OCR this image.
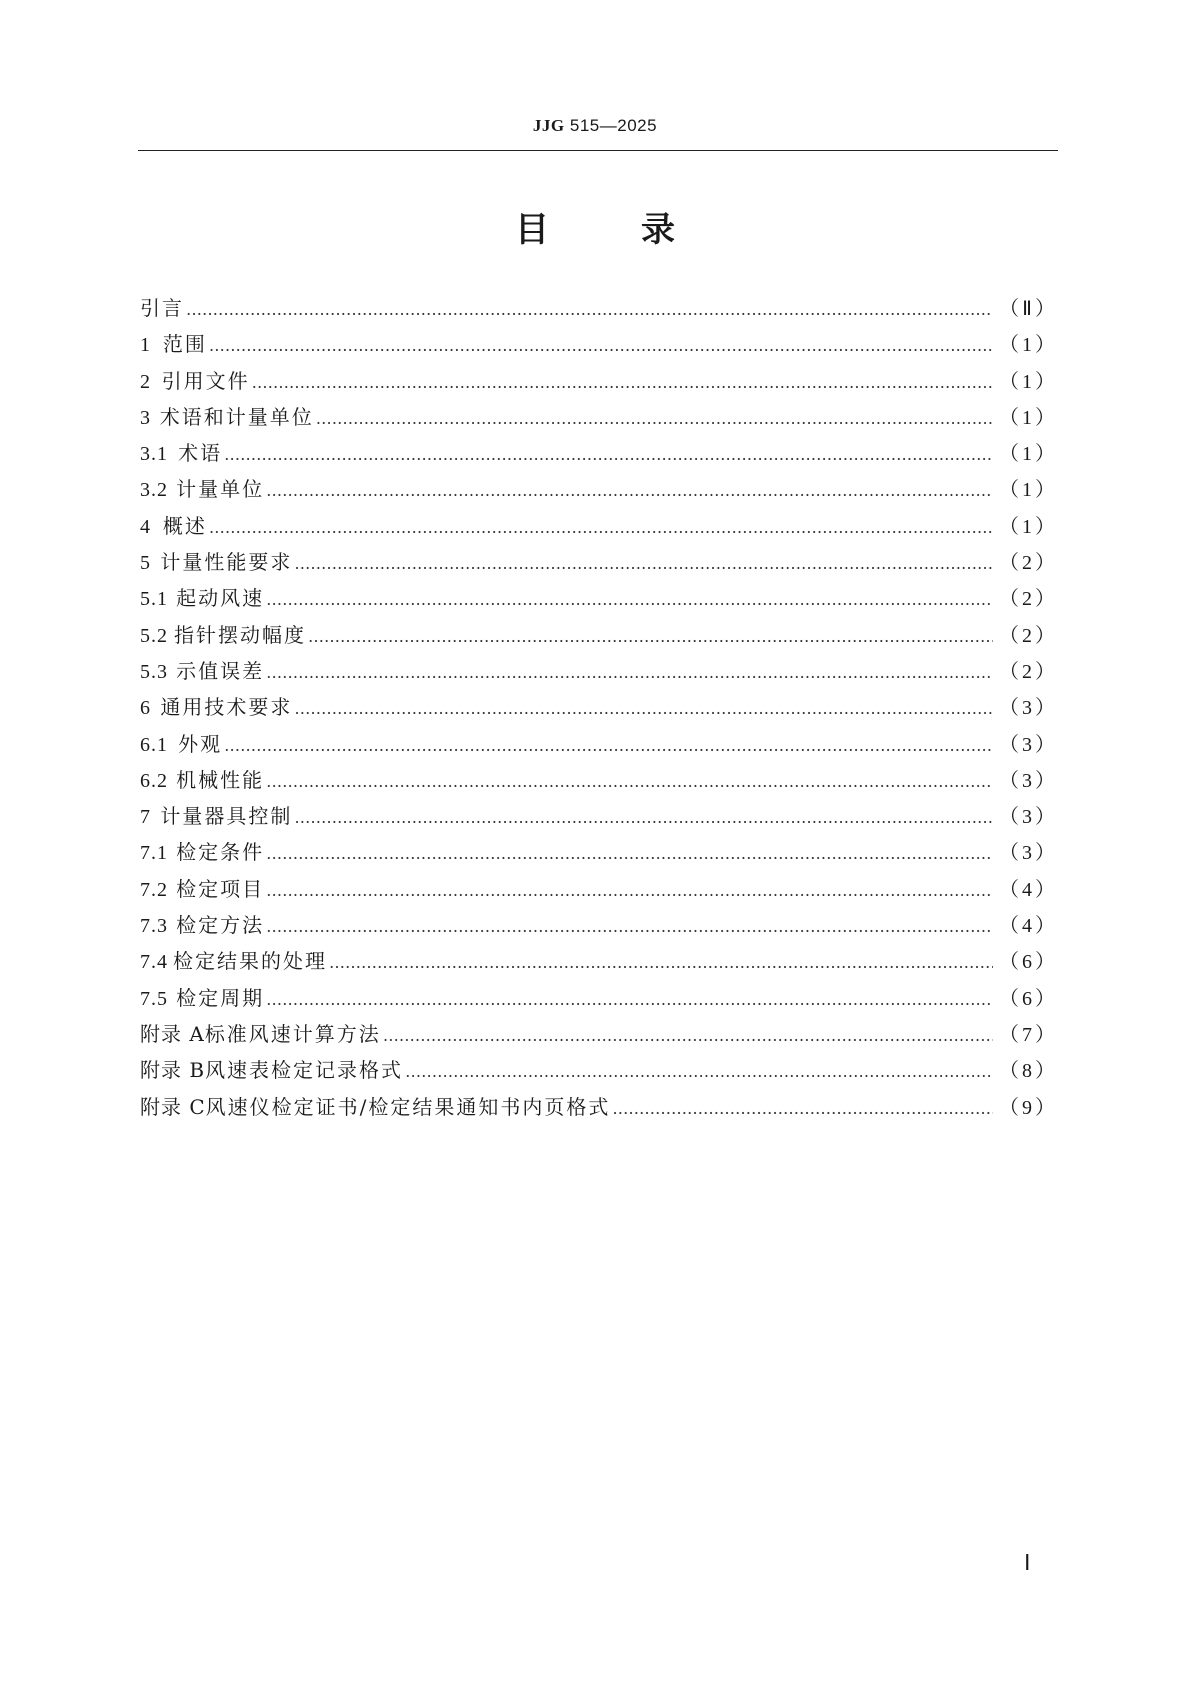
JJG 515—2025
目	录
引言 …………………………………………………………………………………………………………………………………………………………………………………………………	（Ⅱ）
1 范围 …………………………………………………………………………………………………………………………………………………………………………………………………	（1）
2 引用文件 …………………………………………………………………………………………………………………………………………………………………………………………………	（1）
3 术语和计量单位 …………………………………………………………………………………………………………………………………………………………………………………………………	（1）
3.1 术语 …………………………………………………………………………………………………………………………………………………………………………………………………	（1）
3.2 计量单位 …………………………………………………………………………………………………………………………………………………………………………………………………	（1）
4 概述 …………………………………………………………………………………………………………………………………………………………………………………………………	（1）
5 计量性能要求 …………………………………………………………………………………………………………………………………………………………………………………………………	（2）
5.1 起动风速 …………………………………………………………………………………………………………………………………………………………………………………………………	（2）
5.2 指针摆动幅度 …………………………………………………………………………………………………………………………………………………………………………………………………	（2）
5.3 示值误差 …………………………………………………………………………………………………………………………………………………………………………………………………	（2）
6 通用技术要求 …………………………………………………………………………………………………………………………………………………………………………………………………	（3）
6.1 外观 …………………………………………………………………………………………………………………………………………………………………………………………………	（3）
6.2 机械性能 …………………………………………………………………………………………………………………………………………………………………………………………………	（3）
7 计量器具控制 …………………………………………………………………………………………………………………………………………………………………………………………………	（3）
7.1 检定条件 …………………………………………………………………………………………………………………………………………………………………………………………………	（3）
7.2 检定项目 …………………………………………………………………………………………………………………………………………………………………………………………………	（4）
7.3 检定方法 …………………………………………………………………………………………………………………………………………………………………………………………………	（4）
7.4 检定结果的处理 …………………………………………………………………………………………………………………………………………………………………………………………………	（6）
7.5 检定周期 …………………………………………………………………………………………………………………………………………………………………………………………………	（6）
附录 A 标准风速计算方法 …………………………………………………………………………………………………………………………………………………………………………………………………	（7）
附录 B 风速表检定记录格式 …………………………………………………………………………………………………………………………………………………………………………………………………	（8）
附录 C 风速仪检定证书/检定结果通知书内页格式 …………………………………………………………………………………………………………………………………………………………………………………………………	（9）
Ⅰ
